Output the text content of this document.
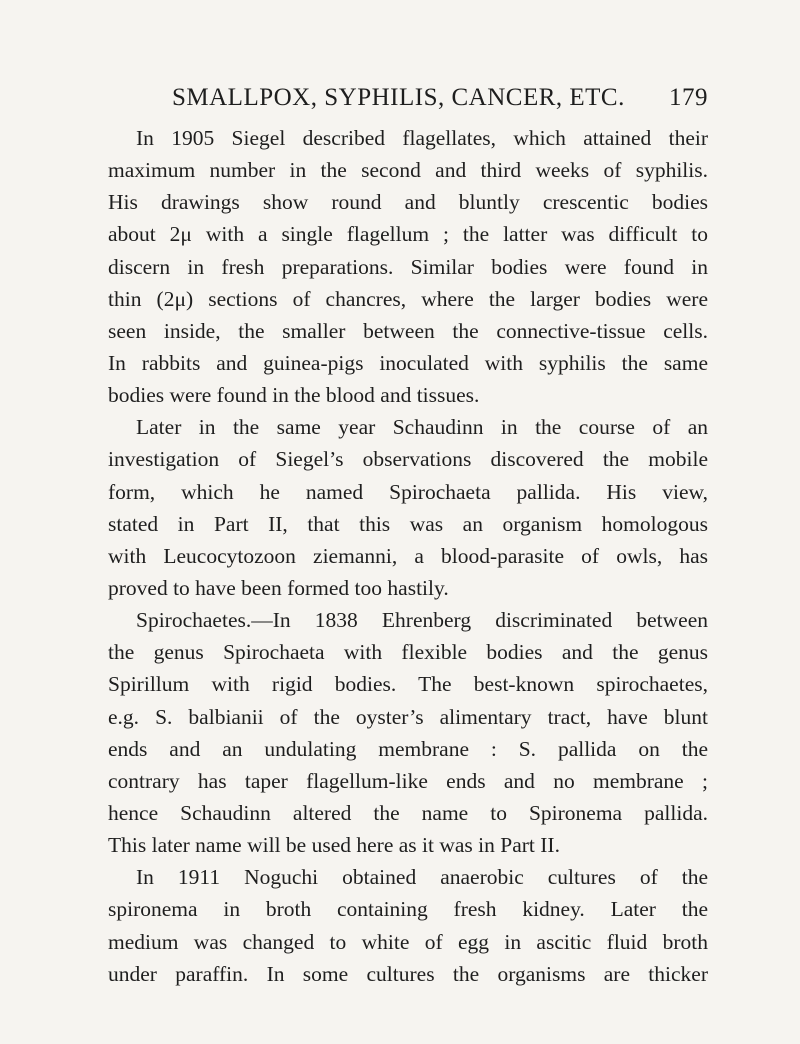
SMALLPOX, SYPHILIS, CANCER, ETC. 179
In 1905 Siegel described flagellates, which attained their
maximum number in the second and third weeks of syphilis.
His drawings show round and bluntly crescentic bodies
about 2μ with a single flagellum ; the latter was difficult to
discern in fresh preparations. Similar bodies were found in
thin (2μ) sections of chancres, where the larger bodies were
seen inside, the smaller between the connective-tissue cells.
In rabbits and guinea-pigs inoculated with syphilis the same
bodies were found in the blood and tissues.
Later in the same year Schaudinn in the course of an
investigation of Siegel’s observations discovered the mobile
form, which he named Spirochaeta pallida. His view,
stated in Part II, that this was an organism homologous
with Leucocytozoon ziemanni, a blood-parasite of owls, has
proved to have been formed too hastily.
Spirochaetes.—In 1838 Ehrenberg discriminated between
the genus Spirochaeta with flexible bodies and the genus
Spirillum with rigid bodies. The best-known spirochaetes,
e.g. S. balbianii of the oyster’s alimentary tract, have blunt
ends and an undulating membrane : S. pallida on the
contrary has taper flagellum-like ends and no membrane ;
hence Schaudinn altered the name to Spironema pallida.
This later name will be used here as it was in Part II.
In 1911 Noguchi obtained anaerobic cultures of the
spironema in broth containing fresh kidney. Later the
medium was changed to white of egg in ascitic fluid broth
under paraffin. In some cultures the organisms are thicker
